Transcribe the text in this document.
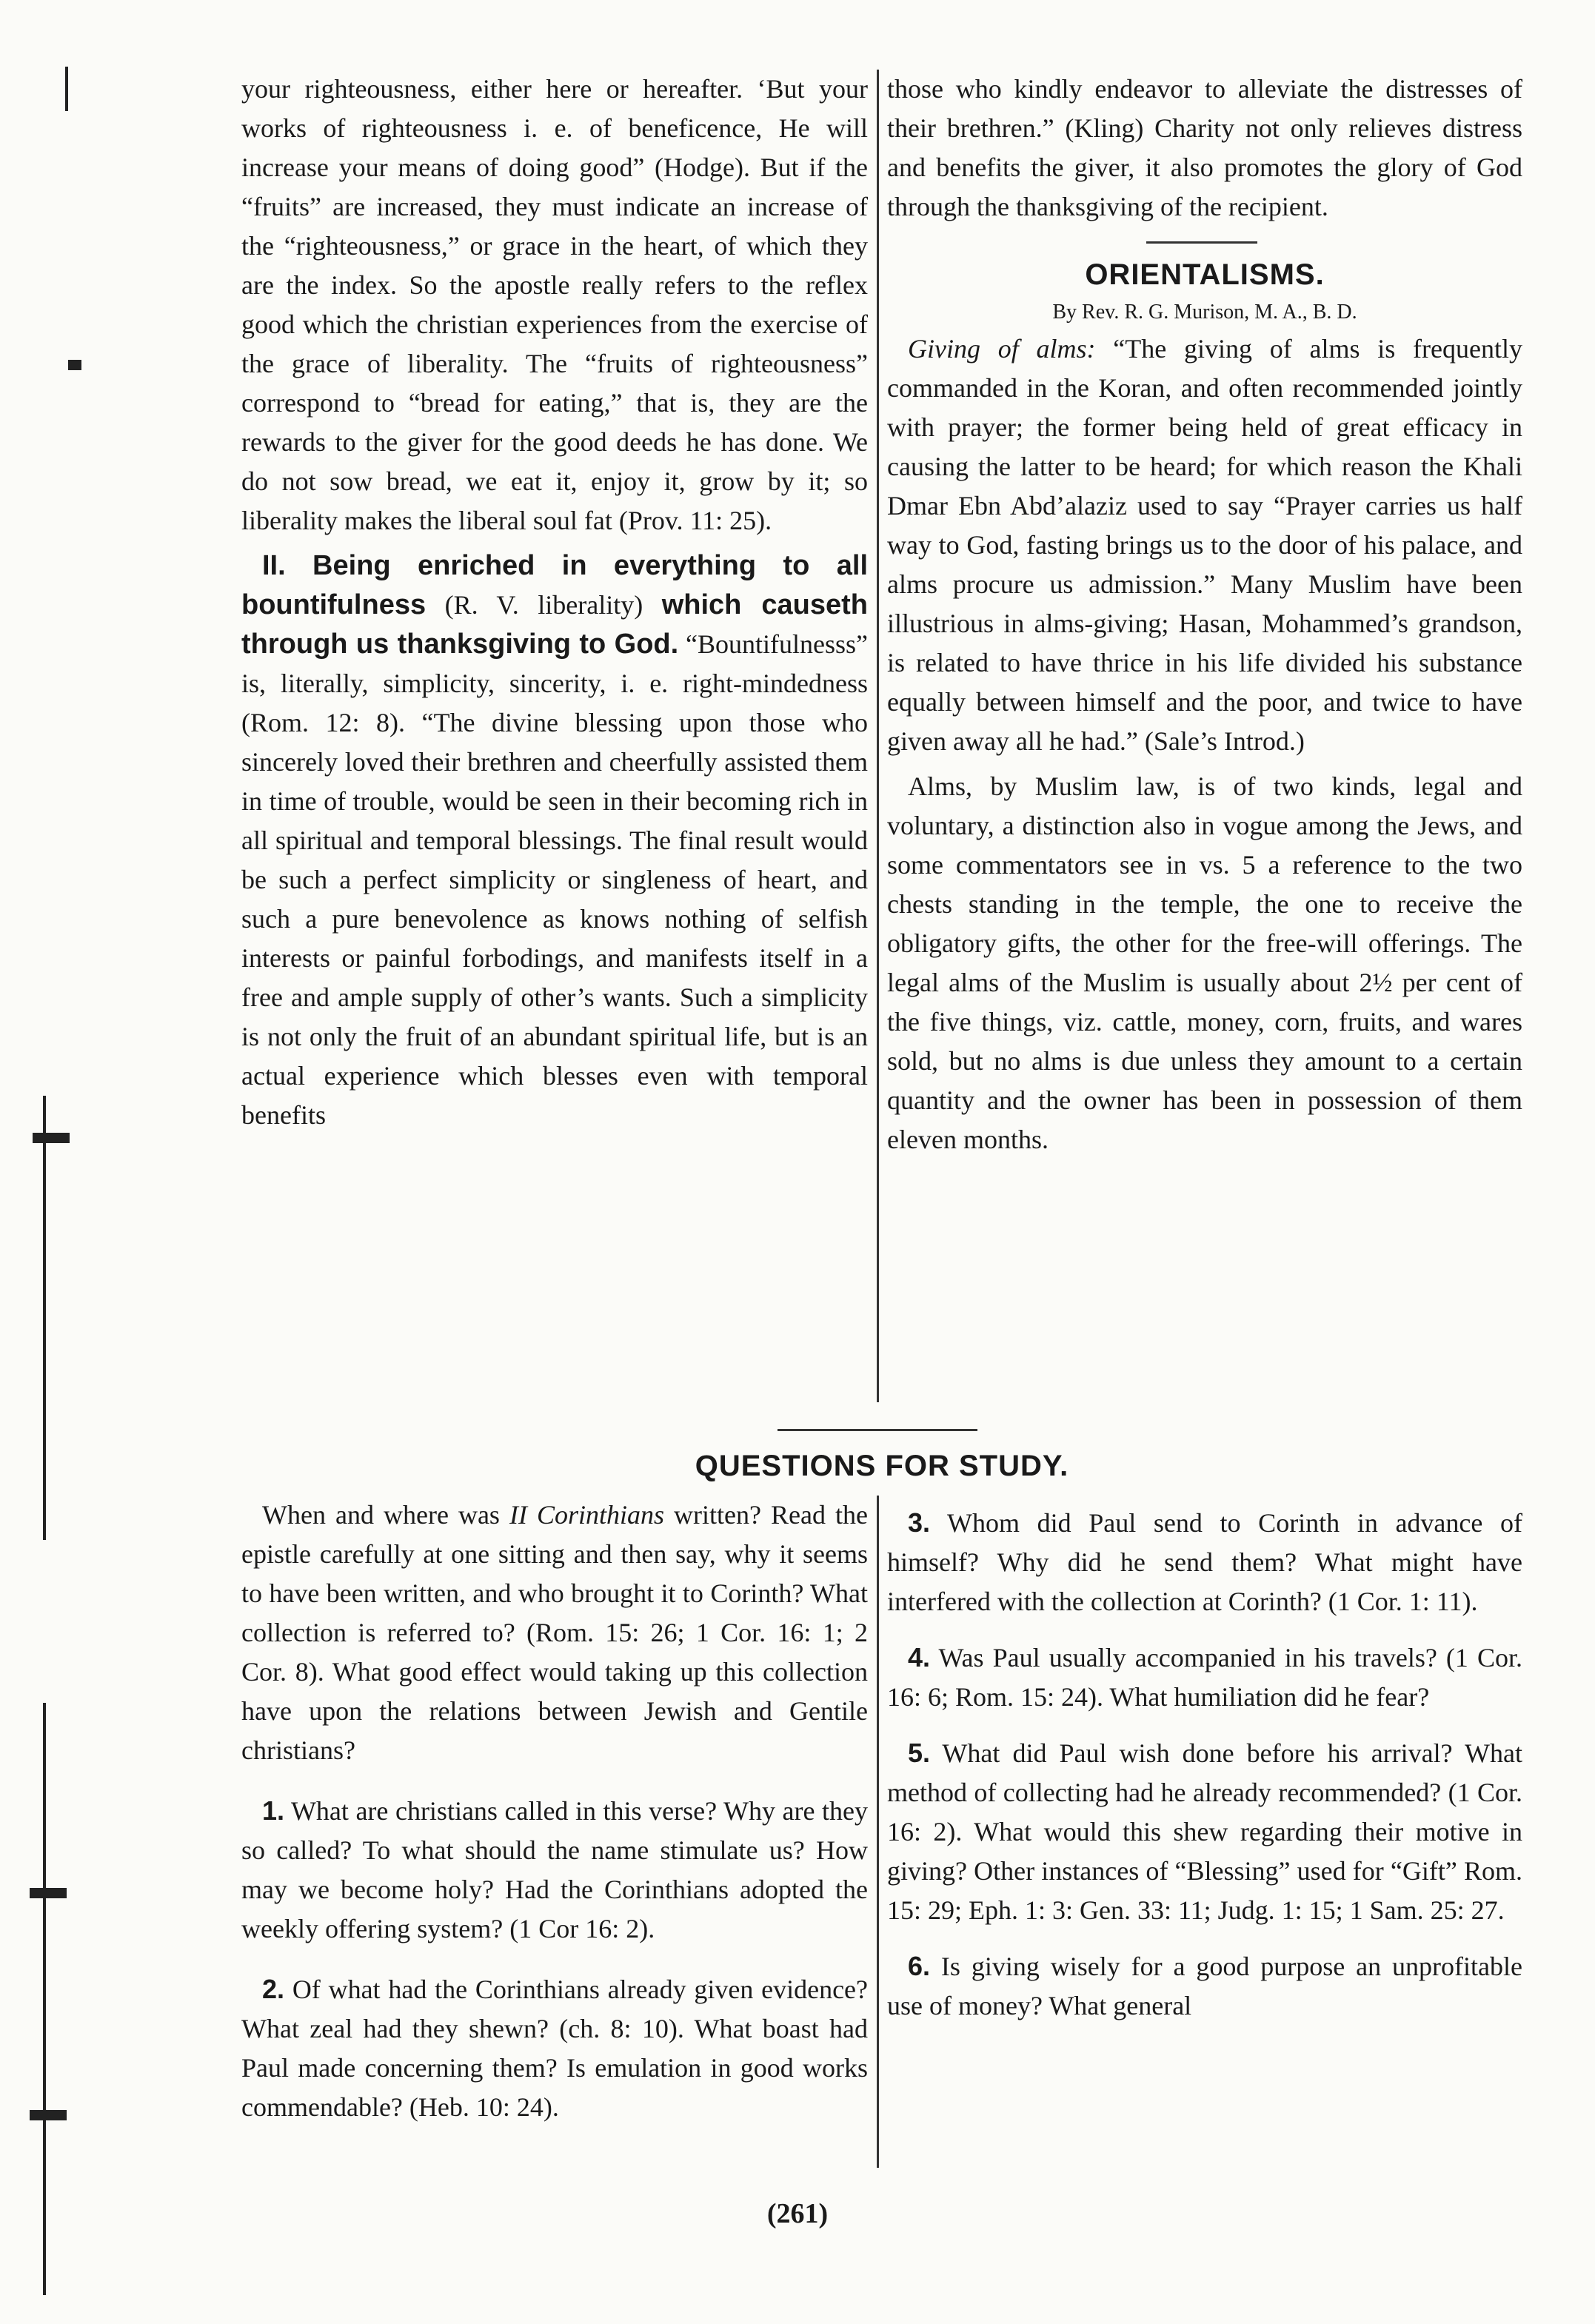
your righteousness, either here or hereafter. ‘But your works of righteousness i. e. of beneficence, He will increase your means of doing good” (Hodge). But if the “fruits” are increased, they must indicate an increase of the “righteousness,” or grace in the heart, of which they are the index. So the apostle really refers to the reflex good which the christian experiences from the exercise of the grace of liberality. The “fruits of righteousness” correspond to “bread for eating,” that is, they are the rewards to the giver for the good deeds he has done. We do not sow bread, we eat it, enjoy it, grow by it; so liberality makes the liberal soul fat (Prov. 11: 25).

II. Being enriched in everything to all bountifulness (R. V. liberality) which causeth through us thanksgiving to God. “Bountifulnesss” is, literally, simplicity, sincerity, i. e. right-mindedness (Rom. 12: 8). “The divine blessing upon those who sincerely loved their brethren and cheerfully assisted them in time of trouble, would be seen in their becoming rich in all spiritual and temporal blessings. The final result would be such a perfect simplicity or singleness of heart, and such a pure benevolence as knows nothing of selfish interests or painful forbodings, and manifests itself in a free and ample supply of other’s wants. Such a simplicity is not only the fruit of an abundant spiritual life, but is an actual experience which blesses even with temporal benefits

those who kindly endeavor to alleviate the distresses of their brethren.” (Kling) Charity not only relieves distress and benefits the giver, it also promotes the glory of God through the thanksgiving of the recipient.

ORIENTALISMS.
By Rev. R. G. Murison, M. A., B. D.

Giving of alms: “The giving of alms is frequently commanded in the Koran, and often recommended jointly with prayer; the former being held of great efficacy in causing the latter to be heard; for which reason the Khali Dmar Ebn Abd’alaziz used to say “Prayer carries us half way to God, fasting brings us to the door of his palace, and alms procure us admission.” Many Muslim have been illustrious in alms-giving; Hasan, Mohammed’s grandson, is related to have thrice in his life divided his substance equally between himself and the poor, and twice to have given away all he had.” (Sale’s Introd.)

Alms, by Muslim law, is of two kinds, legal and voluntary, a distinction also in vogue among the Jews, and some commentators see in vs. 5 a reference to the two chests standing in the temple, the one to receive the obligatory gifts, the other for the free-will offerings. The legal alms of the Muslim is usually about 2½ per cent of the five things, viz. cattle, money, corn, fruits, and wares sold, but no alms is due unless they amount to a certain quantity and the owner has been in possession of them eleven months.

QUESTIONS FOR STUDY.

When and where was II Corinthians written? Read the epistle carefully at one sitting and then say, why it seems to have been written, and who brought it to Corinth? What collection is referred to? (Rom. 15: 26; 1 Cor. 16: 1; 2 Cor. 8). What good effect would taking up this collection have upon the relations between Jewish and Gentile christians?

1. What are christians called in this verse? Why are they so called? To what should the name stimulate us? How may we become holy? Had the Corinthians adopted the weekly offering system? (1 Cor 16: 2).

2. Of what had the Corinthians already given evidence? What zeal had they shewn? (ch. 8: 10). What boast had Paul made concerning them? Is emulation in good works commendable? (Heb. 10: 24).

3. Whom did Paul send to Corinth in advance of himself? Why did he send them? What might have interfered with the collection at Corinth? (1 Cor. 1: 11).

4. Was Paul usually accompanied in his travels? (1 Cor. 16: 6; Rom. 15: 24). What humiliation did he fear?

5. What did Paul wish done before his arrival? What method of collecting had he already recommended? (1 Cor. 16: 2). What would this shew regarding their motive in giving? Other instances of “Blessing” used for “Gift” Rom. 15: 29; Eph. 1: 3: Gen. 33: 11; Judg. 1: 15; 1 Sam. 25: 27.

6. Is giving wisely for a good purpose an unprofitable use of money? What general

(261)
